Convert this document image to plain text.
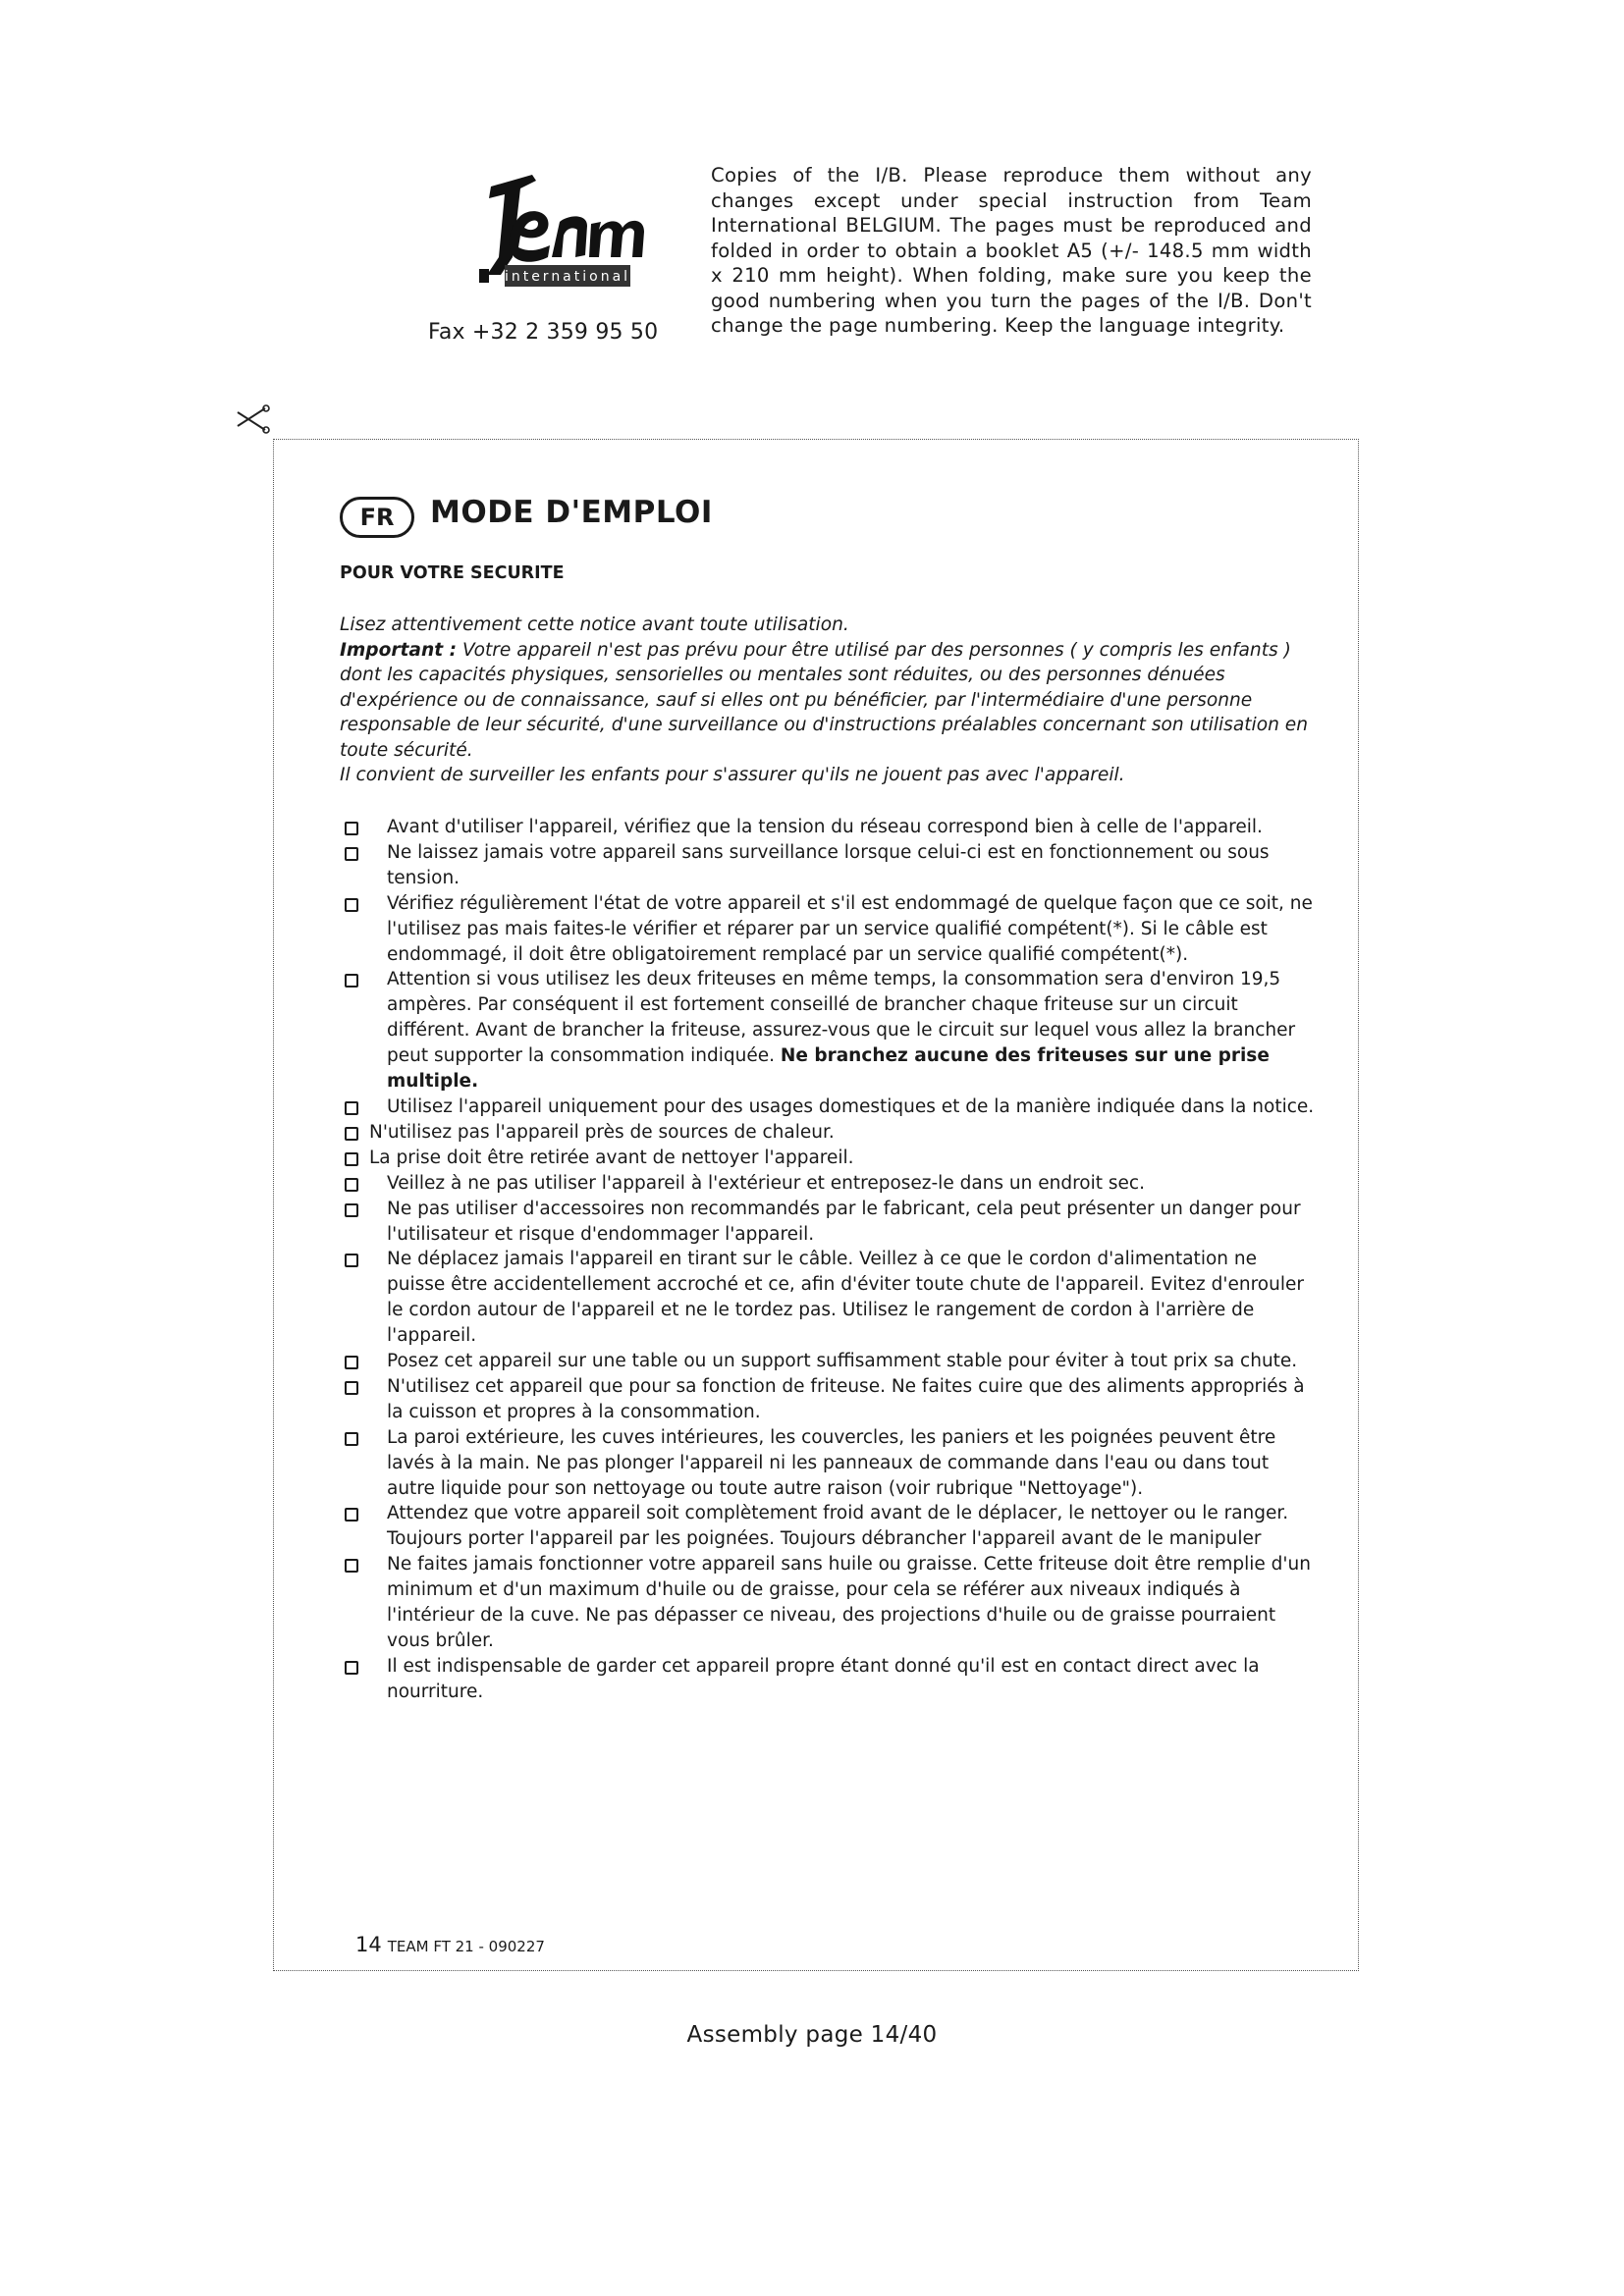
international
Fax +32 2 359 95 50
Copies of the I/B. Please reproduce them without any changes except under special instruction from Team International BELGIUM. The pages must be reproduced and folded in order to obtain a booklet A5 (+/- 148.5 mm width x 210 mm height). When folding, make sure you keep the good numbering when you turn the pages of the I/B. Don't change the page numbering. Keep the language integrity.
FR	MODE D'EMPLOI
POUR VOTRE SECURITE

Lisez attentivement cette notice avant toute utilisation.

Important : Votre appareil n'est pas prévu pour être utilisé par des personnes ( y compris les enfants ) dont les capacités physiques, sensorielles ou mentales sont réduites, ou des personnes dénuées d'expérience ou de connaissance, sauf si elles ont pu bénéficier, par l'intermédiaire d'une personne responsable de leur sécurité, d'une surveillance ou d'instructions préalables concernant son utilisation en toute sécurité.

Il convient de surveiller les enfants pour s'assurer qu'ils ne jouent pas avec l'appareil.

Avant d'utiliser l'appareil, vérifiez que la tension du réseau correspond bien à celle de l'appareil.
Ne laissez jamais votre appareil sans surveillance lorsque celui-ci est en fonctionnement ou sous tension.
Vérifiez régulièrement l'état de votre appareil et s'il est endommagé de quelque façon que ce soit, ne l'utilisez pas mais faites-le vérifier et réparer par un service qualifié compétent(*). Si le câble est endommagé, il doit être obligatoirement remplacé par un service qualifié compétent(*).
Attention si vous utilisez les deux friteuses en même temps, la consommation sera d'environ 19,5 ampères. Par conséquent il est fortement conseillé de brancher chaque friteuse sur un circuit différent. Avant de brancher la friteuse, assurez-vous que le circuit sur lequel vous allez la brancher peut supporter la consommation indiquée. Ne branchez aucune des friteuses sur une prise multiple.
Utilisez l'appareil uniquement pour des usages domestiques et de la manière indiquée dans la notice.
N'utilisez pas l'appareil près de sources de chaleur.
La prise doit être retirée avant de nettoyer l'appareil.
Veillez à ne pas utiliser l'appareil à l'extérieur et entreposez-le dans un endroit sec.
Ne pas utiliser d'accessoires non recommandés par le fabricant, cela peut présenter un danger pour l'utilisateur et risque d'endommager l'appareil.
Ne déplacez jamais l'appareil en tirant sur le câble. Veillez à ce que le cordon d'alimentation ne puisse être accidentellement accroché et ce, afin d'éviter toute chute de l'appareil. Evitez d'enrouler le cordon autour de l'appareil et ne le tordez pas. Utilisez le rangement de cordon à l'arrière de l'appareil.
Posez cet appareil sur une table ou un support suffisamment stable pour éviter à tout prix sa chute.
N'utilisez cet appareil que pour sa fonction de friteuse. Ne faites cuire que des aliments appropriés à la cuisson et propres à la consommation.
La paroi extérieure, les cuves intérieures, les couvercles, les paniers et les poignées peuvent être lavés à la main. Ne pas plonger l'appareil ni les panneaux de commande dans l'eau ou dans tout autre liquide pour son nettoyage ou toute autre raison (voir rubrique "Nettoyage").
Attendez que votre appareil soit complètement froid avant de le déplacer, le nettoyer ou le ranger. Toujours porter l'appareil par les poignées. Toujours débrancher l'appareil avant de le manipuler
Ne faites jamais fonctionner votre appareil sans huile ou graisse. Cette friteuse doit être remplie d'un minimum et d'un maximum d'huile ou de graisse, pour cela se référer aux niveaux indiqués à l'intérieur de la cuve. Ne pas dépasser ce niveau, des projections d'huile ou de graisse pourraient vous brûler.
Il est indispensable de garder cet appareil propre étant donné qu'il est en contact direct avec la nourriture.
14 TEAM FT 21 - 090227
Assembly page 14/40
